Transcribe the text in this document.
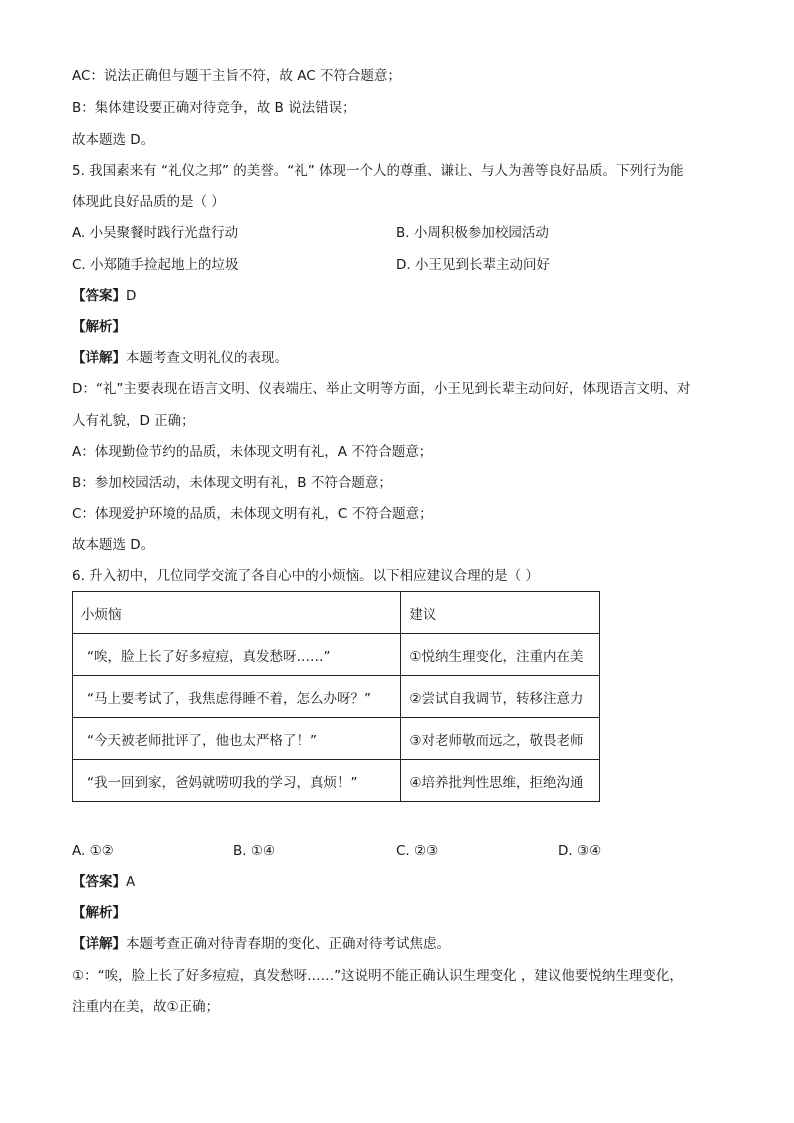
AC：说法正确但与题干主旨不符，故 AC 不符合题意；
B：集体建设要正确对待竞争，故 B 说法错误；
故本题选 D。
5. 我国素来有 “礼仪之邦” 的美誉。“礼” 体现一个人的尊重、谦让、与人为善等良好品质。下列行为能
体现此良好品质的是（ ）
A. 小吴聚餐时践行光盘行动	B. 小周积极参加校园活动
C. 小郑随手捡起地上的垃圾	D. 小王见到长辈主动问好
【答案】D
【解析】
【详解】本题考查文明礼仪的表现。
D：“礼”主要表现在语言文明、仪表端庄、举止文明等方面，小王见到长辈主动问好，体现语言文明、对
人有礼貌，D 正确；
A：体现勤俭节约的品质，未体现文明有礼，A 不符合题意；
B：参加校园活动，未体现文明有礼，B 不符合题意；
C：体现爱护环境的品质，未体现文明有礼，C 不符合题意；
故本题选 D。
6. 升入初中，几位同学交流了各自心中的小烦恼。以下相应建议合理的是（ ）
小烦恼	建议
“唉，脸上长了好多痘痘，真发愁呀……”	①悦纳生理变化，注重内在美
“马上要考试了，我焦虑得睡不着，怎么办呀？”	②尝试自我调节，转移注意力
“今天被老师批评了，他也太严格了！”	③对老师敬而远之，敬畏老师
“我一回到家，爸妈就唠叨我的学习，真烦！”	④培养批判性思维，拒绝沟通
A. ①②	B. ①④	C. ②③	D. ③④
【答案】A
【解析】
【详解】本题考查正确对待青春期的变化、正确对待考试焦虑。
①：“唉，脸上长了好多痘痘，真发愁呀……”这说明不能正确认识生理变化 ，建议他要悦纳生理变化，
注重内在美，故①正确；
